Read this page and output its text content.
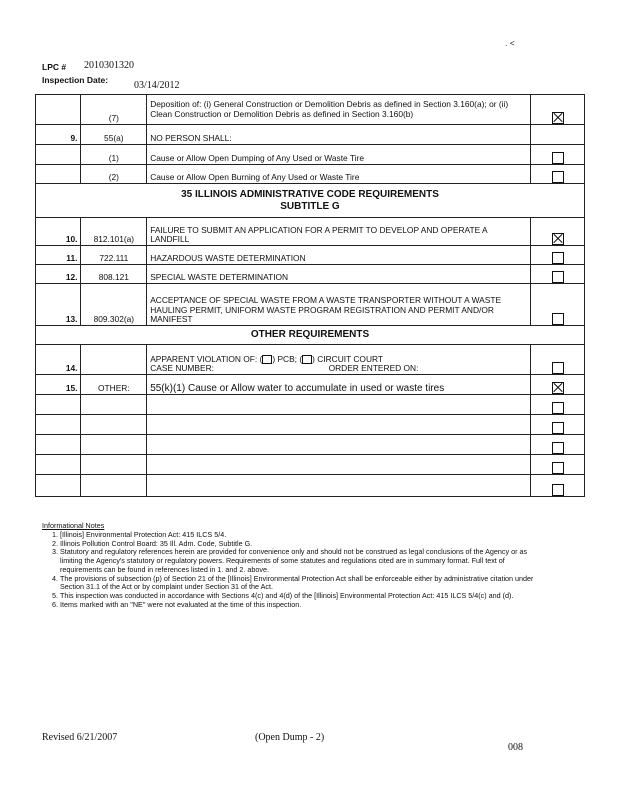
. <
LPC # 2010301320
Inspection Date:	03/14/2012
	(7)	Deposition of: (i) General Construction or Demolition Debris as defined in Section 3.160(a); or (ii) Clean Construction or Demolition Debris as defined in Section 3.160(b)	
9.	55(a)	NO PERSON SHALL:	
	(1)	Cause or Allow Open Dumping of Any Used or Waste Tire	
	(2)	Cause or Allow Open Burning of Any Used or Waste Tire	

35 ILLINOIS ADMINISTRATIVE CODE REQUIREMENTS
SUBTITLE G			

10.	812.101(a)	FAILURE TO SUBMIT AN APPLICATION FOR A PERMIT TO DEVELOP AND OPERATE A LANDFILL	
11.	722.111	HAZARDOUS WASTE DETERMINATION	
12.	808.121	SPECIAL WASTE DETERMINATION	
13.	809.302(a)	ACCEPTANCE OF SPECIAL WASTE FROM A WASTE TRANSPORTER WITHOUT A WASTE HAULING PERMIT, UNIFORM WASTE PROGRAM REGISTRATION AND PERMIT AND/OR MANIFEST	
OTHER REQUIREMENTS			
14.		APPARENT VIOLATION OF: ( ) PCB; ( ) CIRCUIT COURT
CASE NUMBER: ORDER ENTERED ON:	

15.	OTHER:	55(k)(1) Cause or Allow water to accumulate in used or waste tires	

Informational Notes
1. [Illinois] Environmental Protection Act: 415 ILCS 5/4.
2. Illinois Pollution Control Board: 35 Ill. Adm. Code, Subtitle G.
3. Statutory and regulatory references herein are provided for convenience only and should not be construed as legal conclusions of the Agency or as limiting the Agency's statutory or regulatory powers. Requirements of some statutes and regulations cited are in summary format. Full text of requirements can be found in references listed in 1. and 2. above.
4. The provisions of subsection (p) of Section 21 of the [Illinois] Environmental Protection Act shall be enforceable either by administrative citation under Section 31.1 of the Act or by complaint under Section 31 of the Act.
5. This inspection was conducted in accordance with Sections 4(c) and 4(d) of the [Illinois] Environmental Protection Act: 415 ILCS 5/4(c) and (d).
6. Items marked with an "NE" were not evaluated at the time of this inspection.
Revised 6/21/2007	(Open Dump - 2)
008
